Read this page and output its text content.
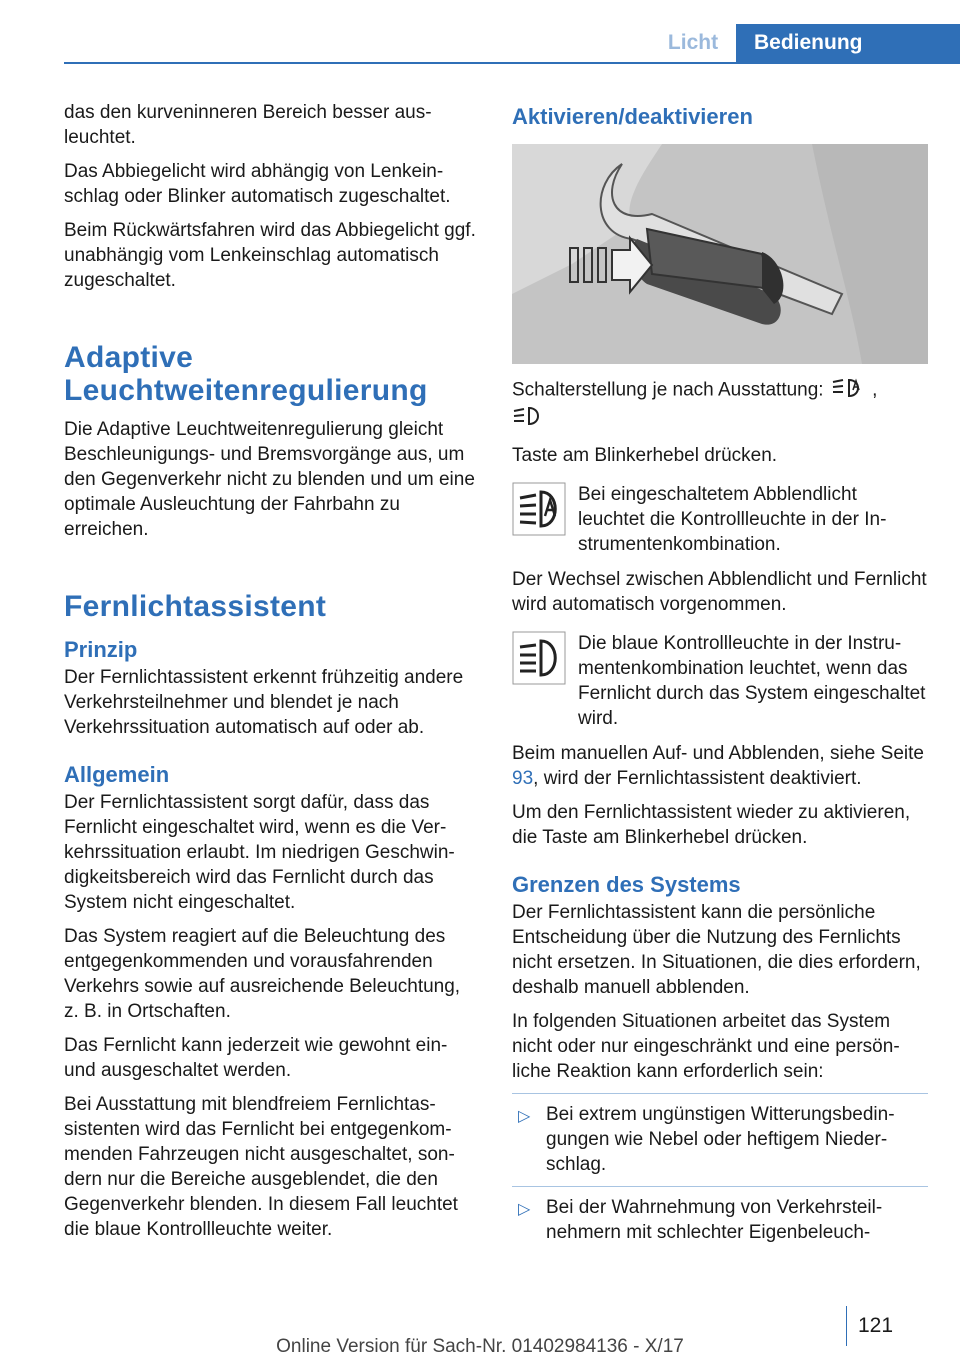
Licht	Bedienung

das den kurveninneren Bereich besser ausleuchtet.

Das Abbiegelicht wird abhängig von Lenkeinschlag oder Blinker automatisch zugeschaltet.

Beim Rückwärtsfahren wird das Abbiegelicht ggf. unabhängig vom Lenkeinschlag automatisch zugeschaltet.

Adaptive Leuchtweitenregulierung

Die Adaptive Leuchtweitenregulierung gleicht Beschleunigungs- und Bremsvorgänge aus, um den Gegenverkehr nicht zu blenden und um eine optimale Ausleuchtung der Fahrbahn zu erreichen.

Fernlichtassistent
Prinzip

Der Fernlichtassistent erkennt frühzeitig andere Verkehrsteilnehmer und blendet je nach Verkehrssituation automatisch auf oder ab.

Allgemein

Der Fernlichtassistent sorgt dafür, dass das Fernlicht eingeschaltet wird, wenn es die Verkehrssituation erlaubt. Im niedrigen Geschwindigkeitsbereich wird das Fernlicht durch das System nicht eingeschaltet.

Das System reagiert auf die Beleuchtung des entgegenkommenden und vorausfahrenden Verkehrs sowie auf ausreichende Beleuchtung, z. B. in Ortschaften.

Das Fernlicht kann jederzeit wie gewohnt ein- und ausgeschaltet werden.

Bei Ausstattung mit blendfreiem Fernlichtassistenten wird das Fernlicht bei entgegenkommenden Fahrzeugen nicht ausgeschaltet, sondern nur die Bereiche ausgeblendet, die den Gegenverkehr blenden. In diesem Fall leuchtet die blaue Kontrollleuchte weiter.

Aktivieren/deaktivieren

Schalterstellung je nach Ausstattung:	,

Taste am Blinkerhebel drücken.

Bei eingeschaltetem Abblendlicht leuchtet die Kontrollleuchte in der Instrumentenkombination.

Der Wechsel zwischen Abblendlicht und Fernlicht wird automatisch vorgenommen.

Die blaue Kontrollleuchte in der Instrumentenkombination leuchtet, wenn das Fernlicht durch das System eingeschaltet wird.

Beim manuellen Auf- und Abblenden, siehe Seite 93, wird der Fernlichtassistent deaktiviert.

Um den Fernlichtassistent wieder zu aktivieren, die Taste am Blinkerhebel drücken.

Grenzen des Systems

Der Fernlichtassistent kann die persönliche Entscheidung über die Nutzung des Fernlichts nicht ersetzen. In Situationen, die dies erfordern, deshalb manuell abblenden.

In folgenden Situationen arbeitet das System nicht oder nur eingeschränkt und eine persönliche Reaktion kann erforderlich sein:

▷ Bei extrem ungünstigen Witterungsbedingungen wie Nebel oder heftigem Niederschlag.
▷ Bei der Wahrnehmung von Verkehrsteilnehmern mit schlechter Eigenbeleuch-
121
Online Version für Sach-Nr. 01402984136 - X/17
